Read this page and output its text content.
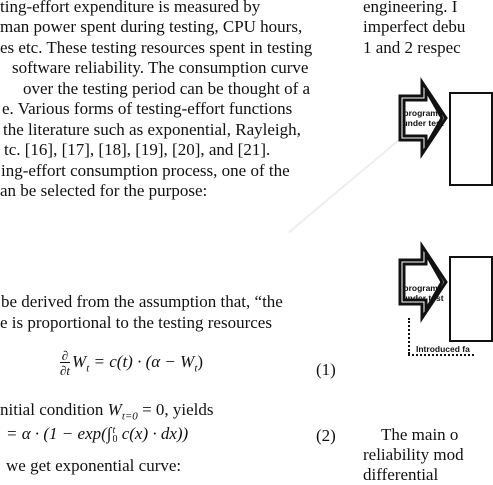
ting-effort expenditure is measured by
man power spent during testing, CPU hours,
es etc. These testing resources spent in testing
software reliability. The consumption curve
over the testing period can be thought of a
e. Various forms of testing-effort functions
the literature such as exponential, Rayleigh,
tc. [16], [17], [18], [19], [20], and [21].
ing-effort consumption process, one of the
an be selected for the purpose:
be derived from the assumption that, “the
e is proportional to the testing resources
∂
∂t $W_t = c(t) \cdot (\alpha - W_t)$	(1)
nitial condition $W_{t=0} = 0$, yields
= α · (1 − exp(∫ t
0 c(x) · dx))	(2)
we get exponential curve:
engineering. I
imperfect debu
1 and 2 respec
programs under test
programs under test
Introduced fa
The main o
reliability mod
differential
